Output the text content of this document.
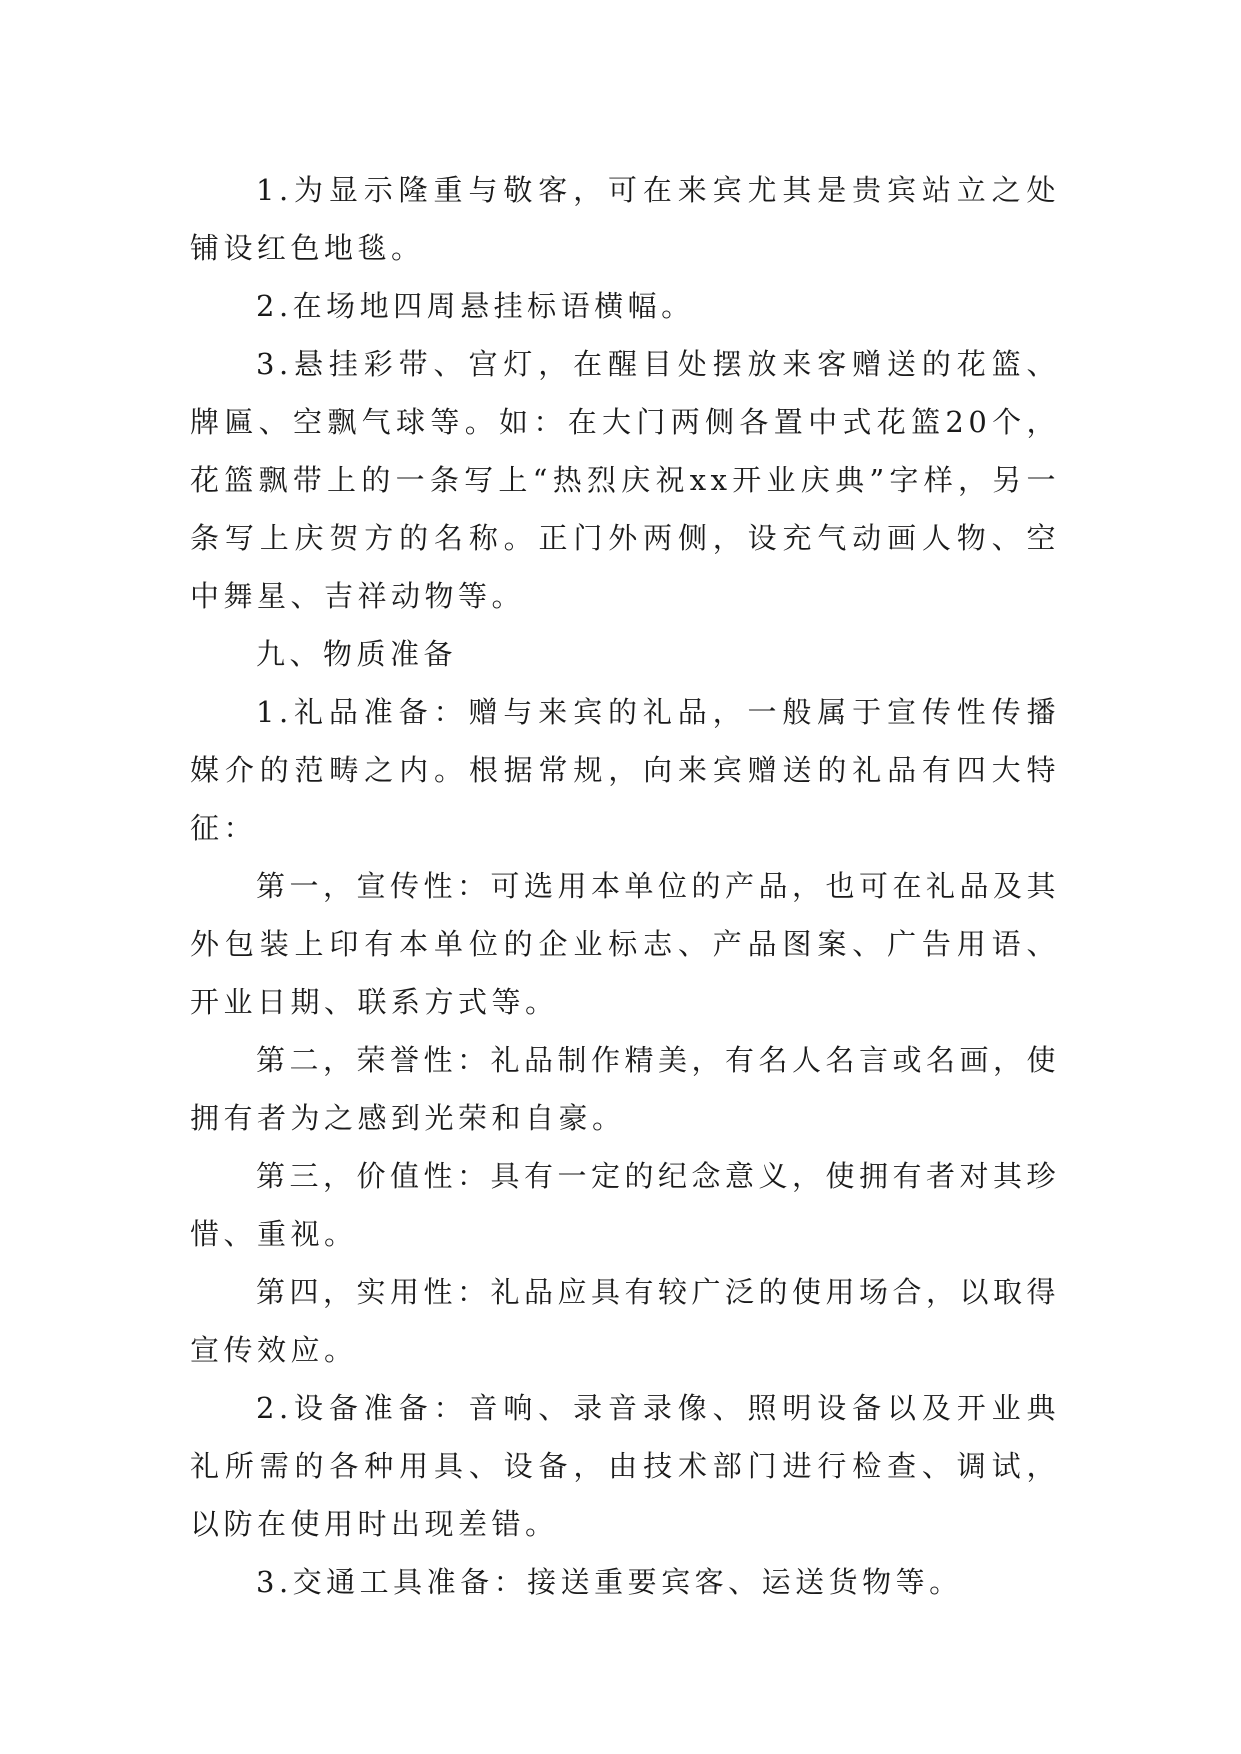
1.为显示隆重与敬客，可在来宾尤其是贵宾站立之处铺设红色地毯。

2.在场地四周悬挂标语横幅。

3.悬挂彩带、宫灯，在醒目处摆放来客赠送的花篮、牌匾、空飘气球等。如：在大门两侧各置中式花篮20个，花篮飘带上的一条写上“热烈庆祝xx开业庆典”字样，另一条写上庆贺方的名称。正门外两侧，设充气动画人物、空中舞星、吉祥动物等。

九、物质准备

1.礼品准备：赠与来宾的礼品，一般属于宣传性传播媒介的范畴之内。根据常规，向来宾赠送的礼品有四大特征：

第一，宣传性：可选用本单位的产品，也可在礼品及其外包装上印有本单位的企业标志、产品图案、广告用语、开业日期、联系方式等。

第二，荣誉性：礼品制作精美，有名人名言或名画，使拥有者为之感到光荣和自豪。

第三，价值性：具有一定的纪念意义，使拥有者对其珍惜、重视。

第四，实用性：礼品应具有较广泛的使用场合，以取得宣传效应。

2.设备准备：音响、录音录像、照明设备以及开业典礼所需的各种用具、设备，由技术部门进行检查、调试，以防在使用时出现差错。

3.交通工具准备：接送重要宾客、运送货物等。
